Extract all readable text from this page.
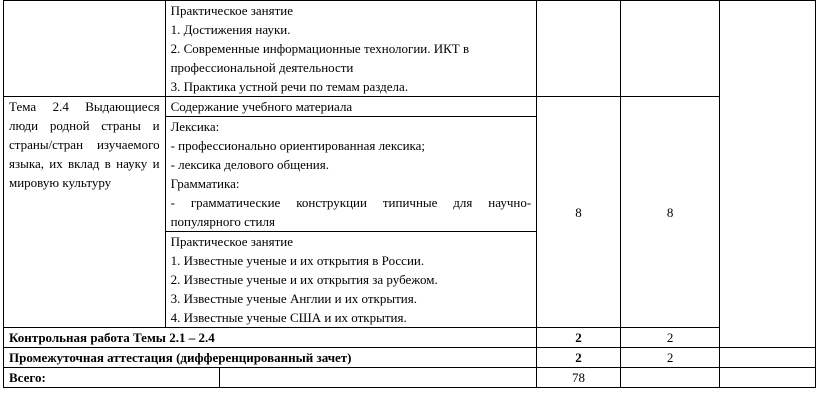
	Практическое занятие
1. Достижения науки.
2. Современные информационные технологии. ИКТ в профессиональной деятельности
3. Практика устной речи по темам раздела.				

Тема 2.4 Выдающиеся люди родной страны и страны/стран изучаемого языка, их вклад в науку и мировую культуру	Содержание учебного материала		8	8	

	Лексика:
- профессионально ориентированная лексика;
- лексика делового общения.
Грамматика:
- грамматические конструкции типичные для научно-популярного стиля				

	Практическое занятие
1. Известные ученые и их открытия в России.
2. Известные ученые и их открытия за рубежом.
3. Известные ученые Англии и их открытия.
4. Известные ученые США и их открытия.				

Контрольная работа Темы 2.1 – 2.4			2	2	
Промежуточная аттестация (дифференцированный зачет)			2	2	
Всего:			78		
